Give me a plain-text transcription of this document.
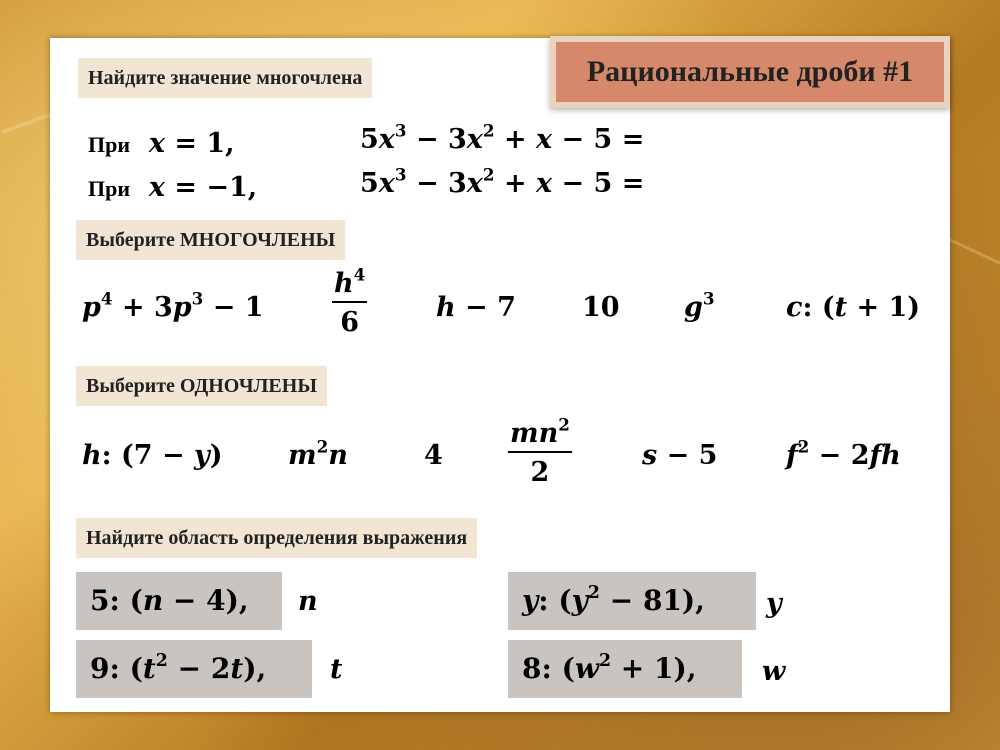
Найдите значение многочлена
При x = 1,	$5x^3 - 3x^2 + x - 5$ =
При x = −1,	$5x^3 - 3x^2 + x - 5$ =
Выберите МНОГОЧЛЕНЫ
$p^4 + 3p^3 - 1$	$\frac{h^4}{6}$	h − 7 10 $g^3$	c: (t + 1)
Выберите ОДНОЧЛЕНЫ
h: (7 − y) $m^2n$	$4 \frac{mn^2}{2}$	s − 5	$f^2 - 2fh$
Найдите область определения выражения
5: (n − 4), n	y: $(y^2 - 81)$, y
9: $(t^2 - 2t)$, t	8: $(w^2 + 1)$, w
Рациональные дроби #1
